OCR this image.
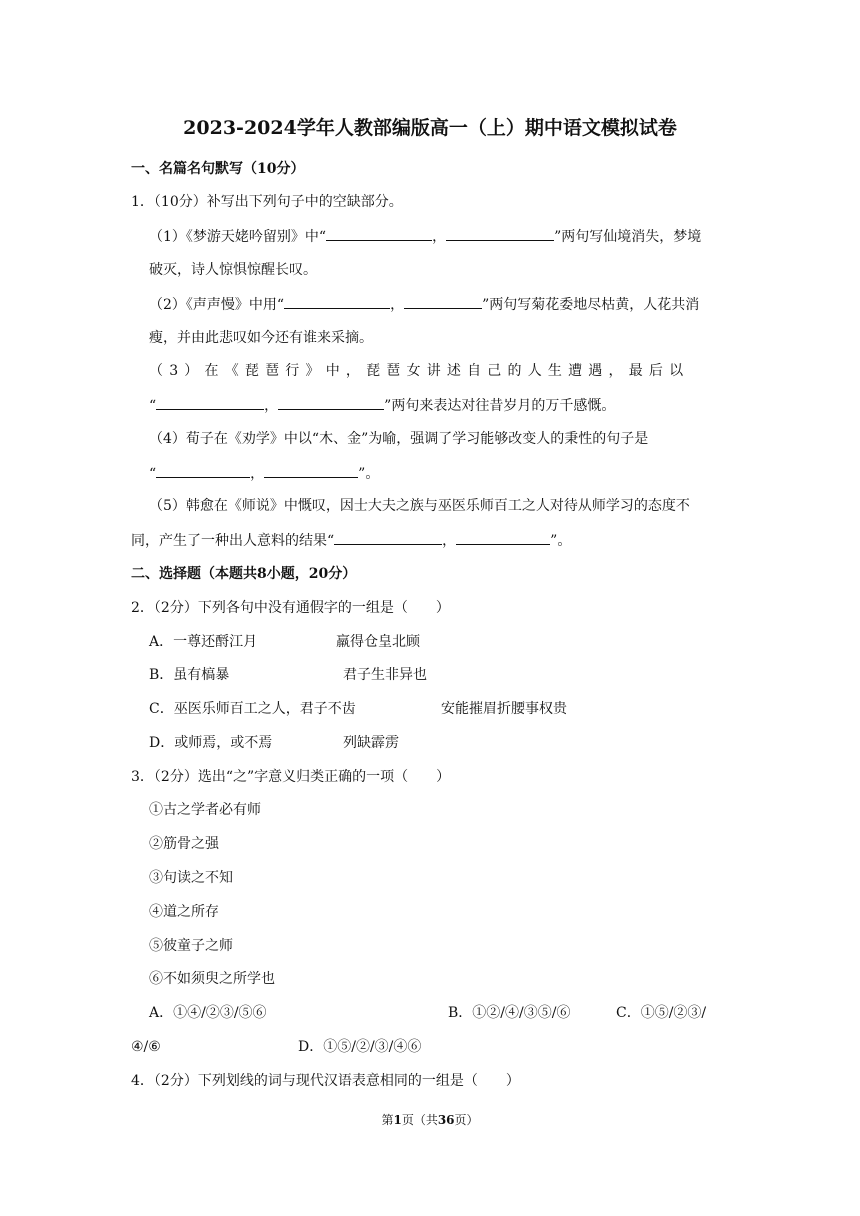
2023-2024学年人教部编版高一（上）期中语文模拟试卷
一、名篇名句默写（10分）
1．（10分）补写出下列句子中的空缺部分。
（1）《梦游天姥吟留别》中“	，	”两句写仙境消失，梦境
破灭，诗人惊惧惊醒长叹。
（2）《声声慢》中用“	，	”两句写菊花委地尽枯黄，人花共消
瘦，并由此悲叹如今还有谁来采摘。
（3）在《琵琶行》中，琵琶女讲述自己的人生遭遇，最后以
“	，	”两句来表达对往昔岁月的万千感慨。
（4）荀子在《劝学》中以“木、金”为喻，强调了学习能够改变人的秉性的句子是
“	，	”。
（5）韩愈在《师说》中慨叹，因士大夫之族与巫医乐师百工之人对待从师学习的态度不
同，产生了一种出人意料的结果“	，	”。
二、选择题（本题共8小题，20分）
2．（2分）下列各句中没有通假字的一组是（　　）
A．一尊还酹江月	羸得仓皇北顾
B．虽有槁暴	君子生非异也
C．巫医乐师百工之人，君子不齿	安能摧眉折腰事权贵
D．或师焉，或不焉	列缺霹雳
3．（2分）选出“之”字意义归类正确的一项（　　）
①古之学者必有师
②筋骨之强
③句读之不知
④道之所存
⑤彼童子之师
⑥不如须臾之所学也
A．①④/②③/⑤⑥	B．①②/④/③⑤/⑥	C．①⑤/②③/
④/⑥	D．①⑤/②/③/④⑥
4．（2分）下列划线的词与现代汉语表意相同的一组是（　　）
第1页（共36页）
